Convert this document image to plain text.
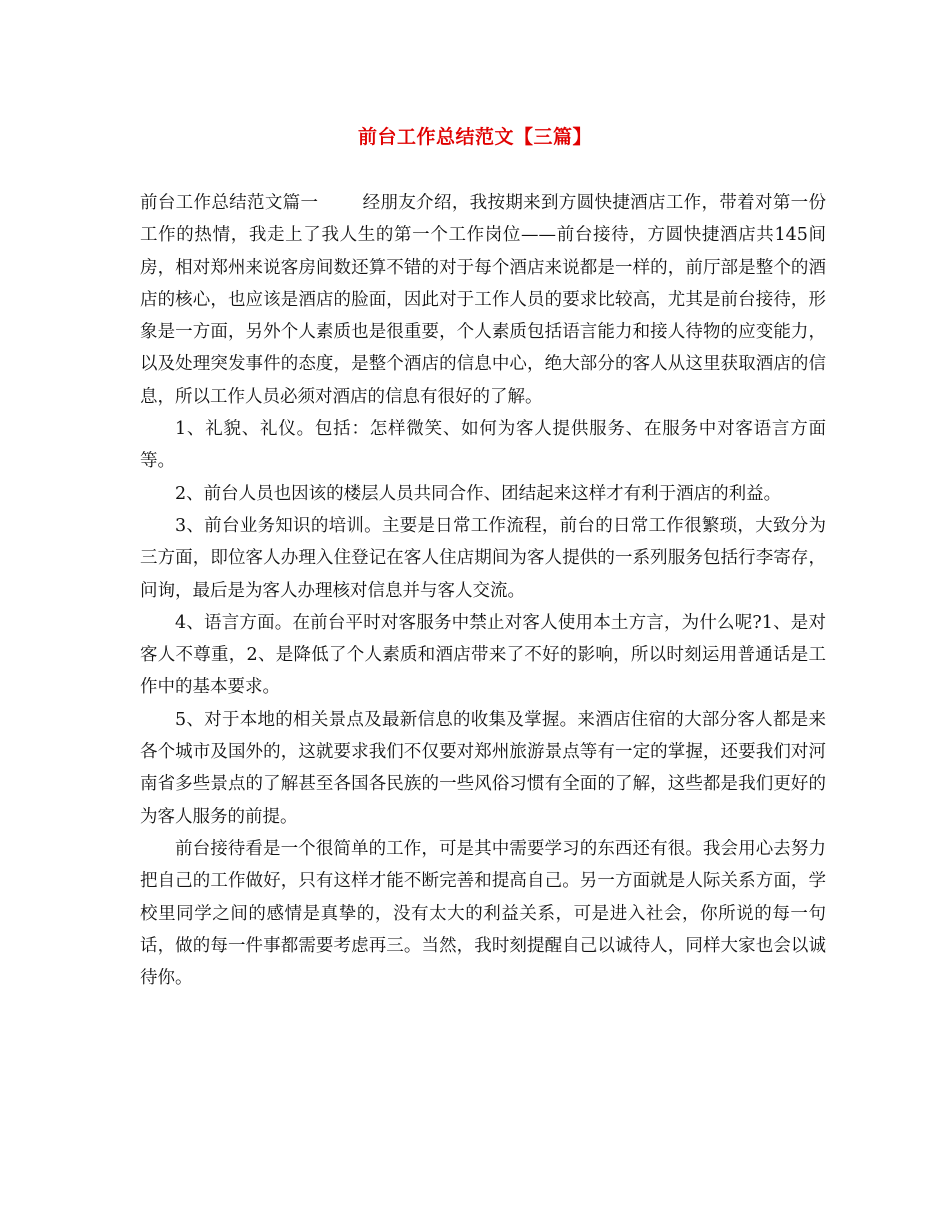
前台工作总结范文【三篇】

前台工作总结范文篇一	经朋友介绍，我按期来到方圆快捷酒店工作，带着对第一份工作的热情，我走上了我人生的第一个工作岗位——前台接待，方圆快捷酒店共145间房，相对郑州来说客房间数还算不错的对于每个酒店来说都是一样的，前厅部是整个的酒店的核心，也应该是酒店的脸面，因此对于工作人员的要求比较高，尤其是前台接待，形象是一方面，另外个人素质也是很重要，个人素质包括语言能力和接人待物的应变能力，以及处理突发事件的态度，是整个酒店的信息中心，绝大部分的客人从这里获取酒店的信息，所以工作人员必须对酒店的信息有很好的了解。

1、礼貌、礼仪。包括：怎样微笑、如何为客人提供服务、在服务中对客语言方面等。

2、前台人员也因该的楼层人员共同合作、团结起来这样才有利于酒店的利益。

3、前台业务知识的培训。主要是日常工作流程，前台的日常工作很繁琐，大致分为三方面，即位客人办理入住登记在客人住店期间为客人提供的一系列服务包括行李寄存，问询，最后是为客人办理核对信息并与客人交流。

4、语言方面。在前台平时对客服务中禁止对客人使用本土方言，为什么呢?1、是对客人不尊重，2、是降低了个人素质和酒店带来了不好的影响，所以时刻运用普通话是工作中的基本要求。

5、对于本地的相关景点及最新信息的收集及掌握。来酒店住宿的大部分客人都是来各个城市及国外的，这就要求我们不仅要对郑州旅游景点等有一定的掌握，还要我们对河南省多些景点的了解甚至各国各民族的一些风俗习惯有全面的了解，这些都是我们更好的为客人服务的前提。

前台接待看是一个很简单的工作，可是其中需要学习的东西还有很。我会用心去努力把自己的工作做好，只有这样才能不断完善和提高自己。另一方面就是人际关系方面，学校里同学之间的感情是真挚的，没有太大的利益关系，可是进入社会，你所说的每一句话，做的每一件事都需要考虑再三。当然，我时刻提醒自己以诚待人，同样大家也会以诚待你。
